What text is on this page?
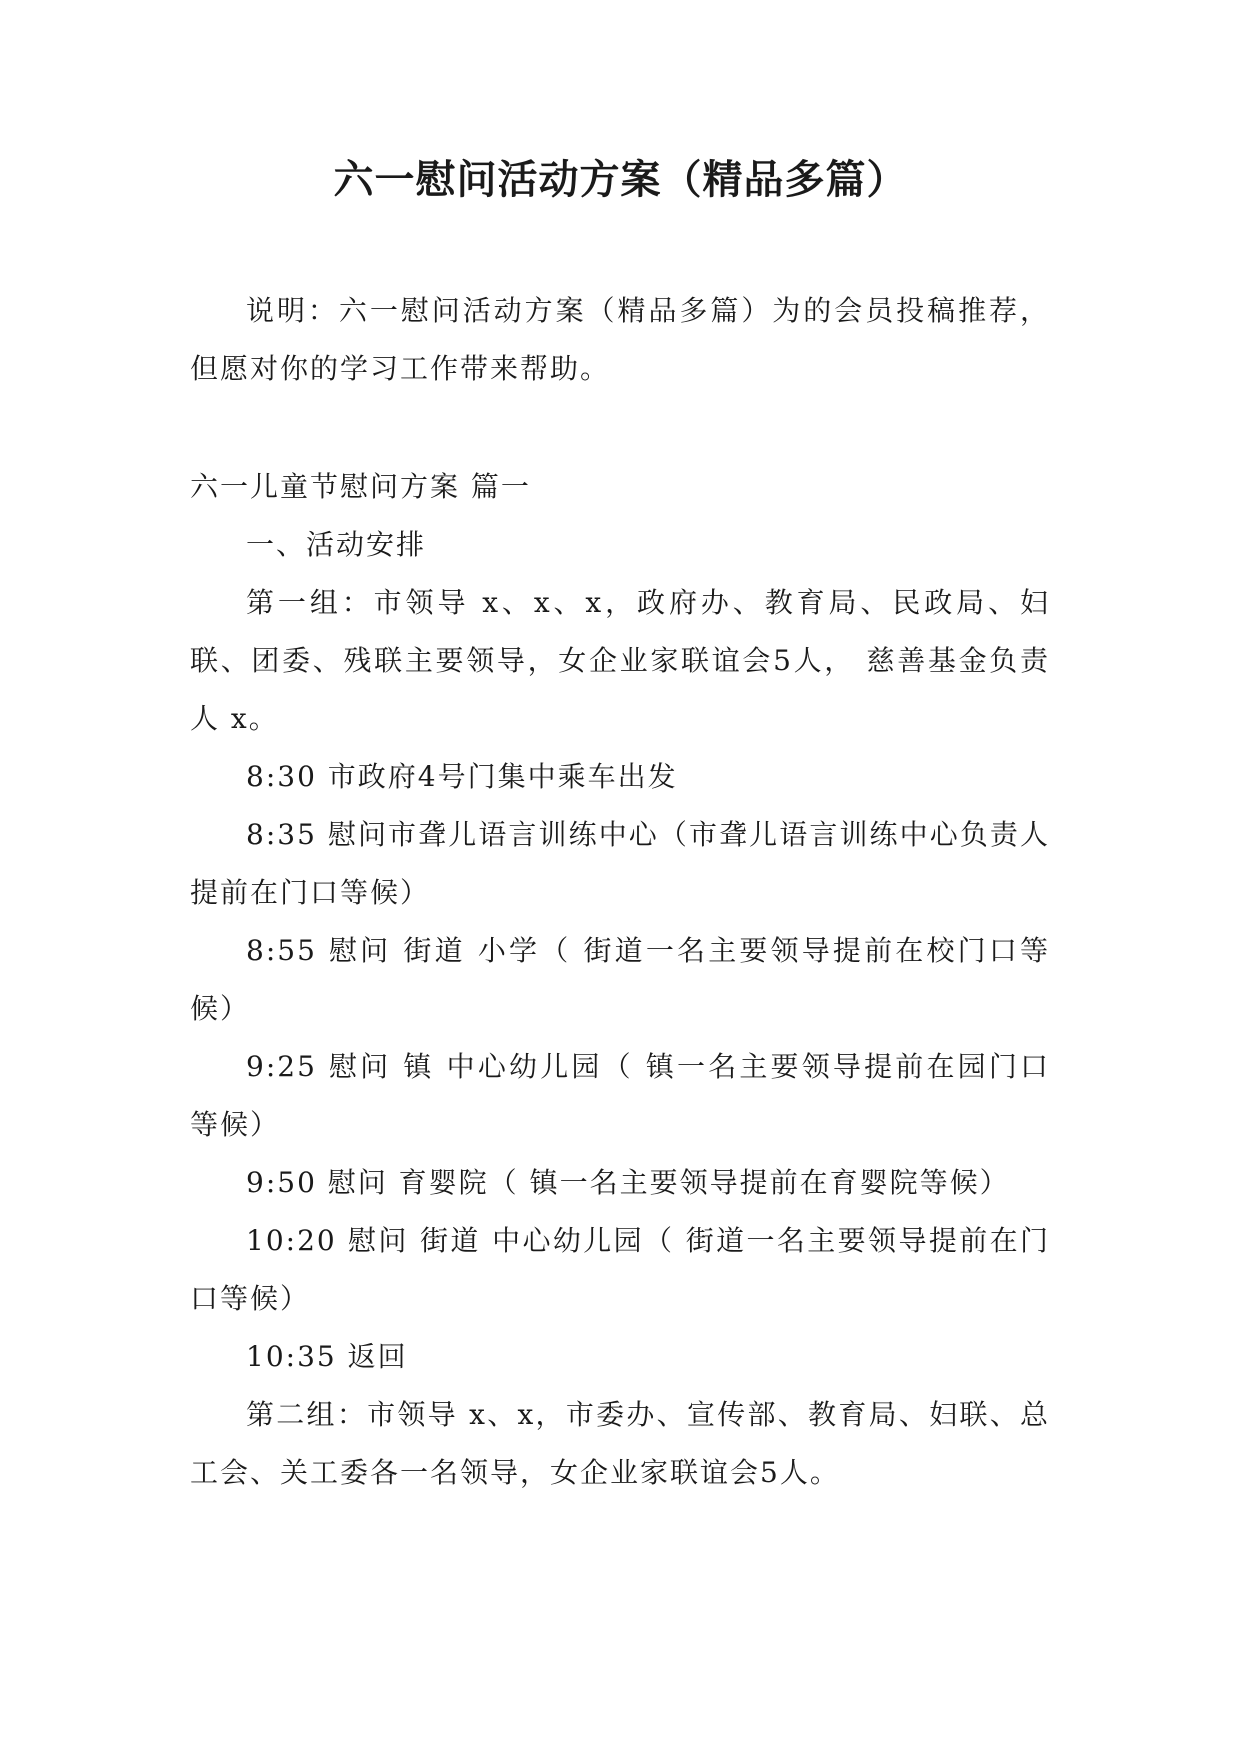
六一慰问活动方案（精品多篇）

说明：六一慰问活动方案（精品多篇）为的会员投稿推荐，但愿对你的学习工作带来帮助。

六一儿童节慰问方案 篇一

一、活动安排

第一组：市领导 x、x、x，政府办、教育局、民政局、妇联、团委、残联主要领导，女企业家联谊会5人， 慈善基金负责人 x。

8:30 市政府4号门集中乘车出发

8:35 慰问市聋儿语言训练中心（市聋儿语言训练中心负责人提前在门口等候）

8:55 慰问 街道 小学（ 街道一名主要领导提前在校门口等候）

9:25 慰问 镇 中心幼儿园（ 镇一名主要领导提前在园门口等候）

9:50 慰问 育婴院（ 镇一名主要领导提前在育婴院等候）

10:20 慰问 街道 中心幼儿园（ 街道一名主要领导提前在门口等候）

10:35 返回

第二组：市领导 x、x，市委办、宣传部、教育局、妇联、总工会、关工委各一名领导，女企业家联谊会5人。
